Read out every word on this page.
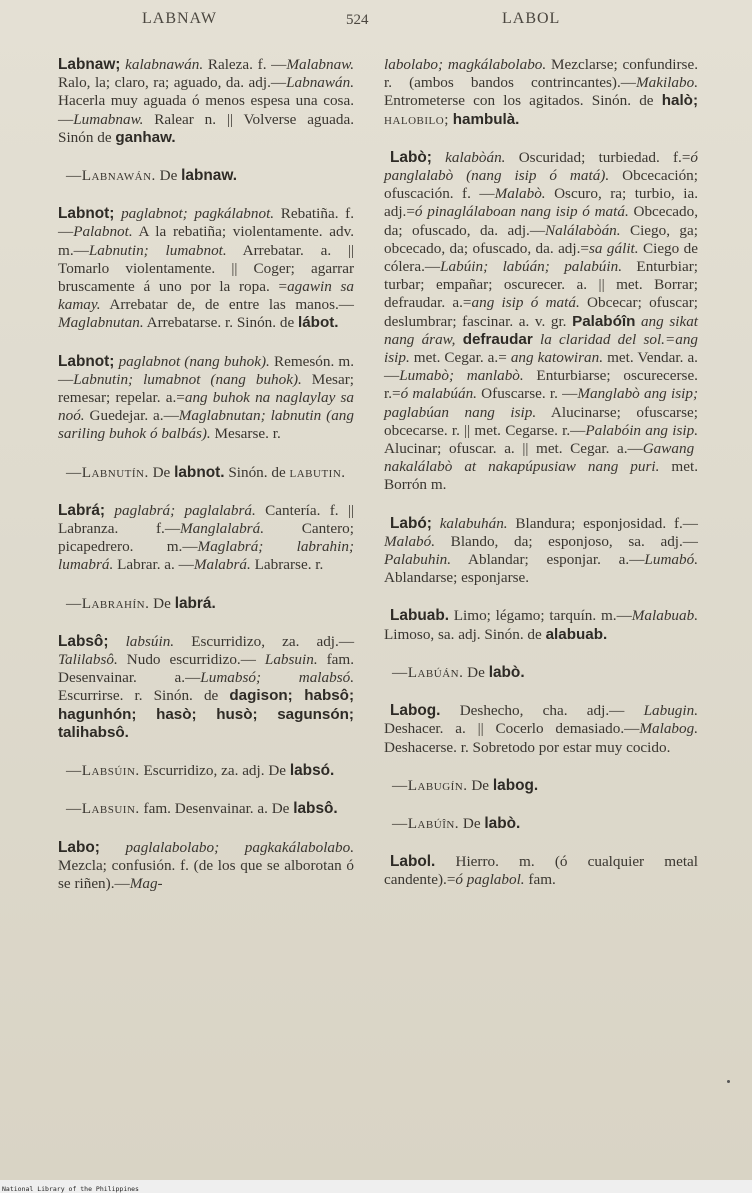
LABNAW	524	LABOL

Labnaw; kalabnawán. Raleza. f. —Malabnaw. Ralo, la; claro, ra; aguado, da. adj.—Labnawán. Hacerla muy aguada ó menos espesa una cosa.—Lumabnaw. Ralear n. || Volverse aguada. Sinón de ganhaw.

—Labnawán. De labnaw.

Labnot; paglabnot; pagkálabnot. Rebatiña. f.—Palabnot. A la rebatiña; violentamente. adv. m.—Labnutin; lumabnot. Arrebatar. a. || Tomarlo violentamente. || Coger; agarrar bruscamente á uno por la ropa. =agawin sa kamay. Arrebatar de, de entre las manos.—Maglabnutan. Arrebatarse. r. Sinón. de lábot.

Labnot; paglabnot (nang buhok). Remesón. m.—Labnutin; lumabnot (nang buhok). Mesar; remesar; repelar. a.=ang buhok na naglaylay sa noó. Guedejar. a.—Maglabnutan; labnutin (ang sariling buhok ó balbás). Mesarse. r.

—Labnutín. De labnot. Sinón. de labutin.

Labrá; paglabrá; paglalabrá. Cantería. f. || Labranza. f.—Manglalabrá. Cantero; picapedrero. m.—Maglabrá; labrahin; lumabrá. Labrar. a. —Malabrá. Labrarse. r.

—Labrahín. De labrá.

Labsô; labsúin. Escurridizo, za. adj.—Talilabsô. Nudo escurridizo.— Labsuin. fam. Desenvainar. a.—Lumabsó; malabsó. Escurrirse. r. Sinón. de dagison; habsô; hagunhón; hasò; husò; sagunsón; talihabsô.

—Labsúin. Escurridizo, za. adj. De labsó.

—Labsuin. fam. Desenvainar. a. De labsô.

Labo; paglalabolabo; pagkakálabolabo. Mezcla; confusión. f. (de los que se alborotan ó se riñen).—Mag-

labolabo; magkálabolabo. Mezclarse; confundirse. r. (ambos bandos contrincantes).—Makilabo. Entrometerse con los agitados. Sinón. de halò; halobilo; hambulà.

Labò; kalabòán. Oscuridad; turbiedad. f.=ó panglalabò (nang isip ó matá). Obcecación; ofuscación. f. —Malabò. Oscuro, ra; turbio, ia. adj.=ó pinaglálaboan nang isip ó matá. Obcecado, da; ofuscado, da. adj.—Nalálabòán. Ciego, ga; obcecado, da; ofuscado, da. adj.=sa gálit. Ciego de cólera.—Labúin; labúán; palabúin. Enturbiar; turbar; empañar; oscurecer. a. || met. Borrar; defraudar. a.=ang isip ó matá. Obcecar; ofuscar; deslumbrar; fascinar. a. v. gr. Palabóîn ang sikat nang áraw, defraudar la claridad del sol.=ang isip. met. Cegar. a.= ang katowiran. met. Vendar. a.—Lumabò; manlabò. Enturbiarse; oscurecerse. r.=ó malabúán. Ofuscarse. r. —Manglabò ang isip; paglabúan nang isip. Alucinarse; ofuscarse; obcecarse. r. || met. Cegarse. r.—Palabóin ang isip. Alucinar; ofuscar. a. || met. Cegar. a.—Gawang nakalálabò at nakapúpusiaw nang puri. met. Borrón m.

Labó; kalabuhán. Blandura; esponjosidad. f.—Malabó. Blando, da; esponjoso, sa. adj.—Palabuhin. Ablandar; esponjar. a.—Lumabó. Ablandarse; esponjarse.

Labuab. Limo; légamo; tarquín. m.—Malabuab. Limoso, sa. adj. Sinón. de alabuab.

—Labúán. De labò.

Labog. Deshecho, cha. adj.— Labugin. Deshacer. a. || Cocerlo demasiado.—Malabog. Deshacerse. r. Sobretodo por estar muy cocido.

—Labugín. De labog.

—Labúîn. De labò.

Labol. Hierro. m. (ó cualquier metal candente).=ó paglabol. fam.

National Library of the Philippines
